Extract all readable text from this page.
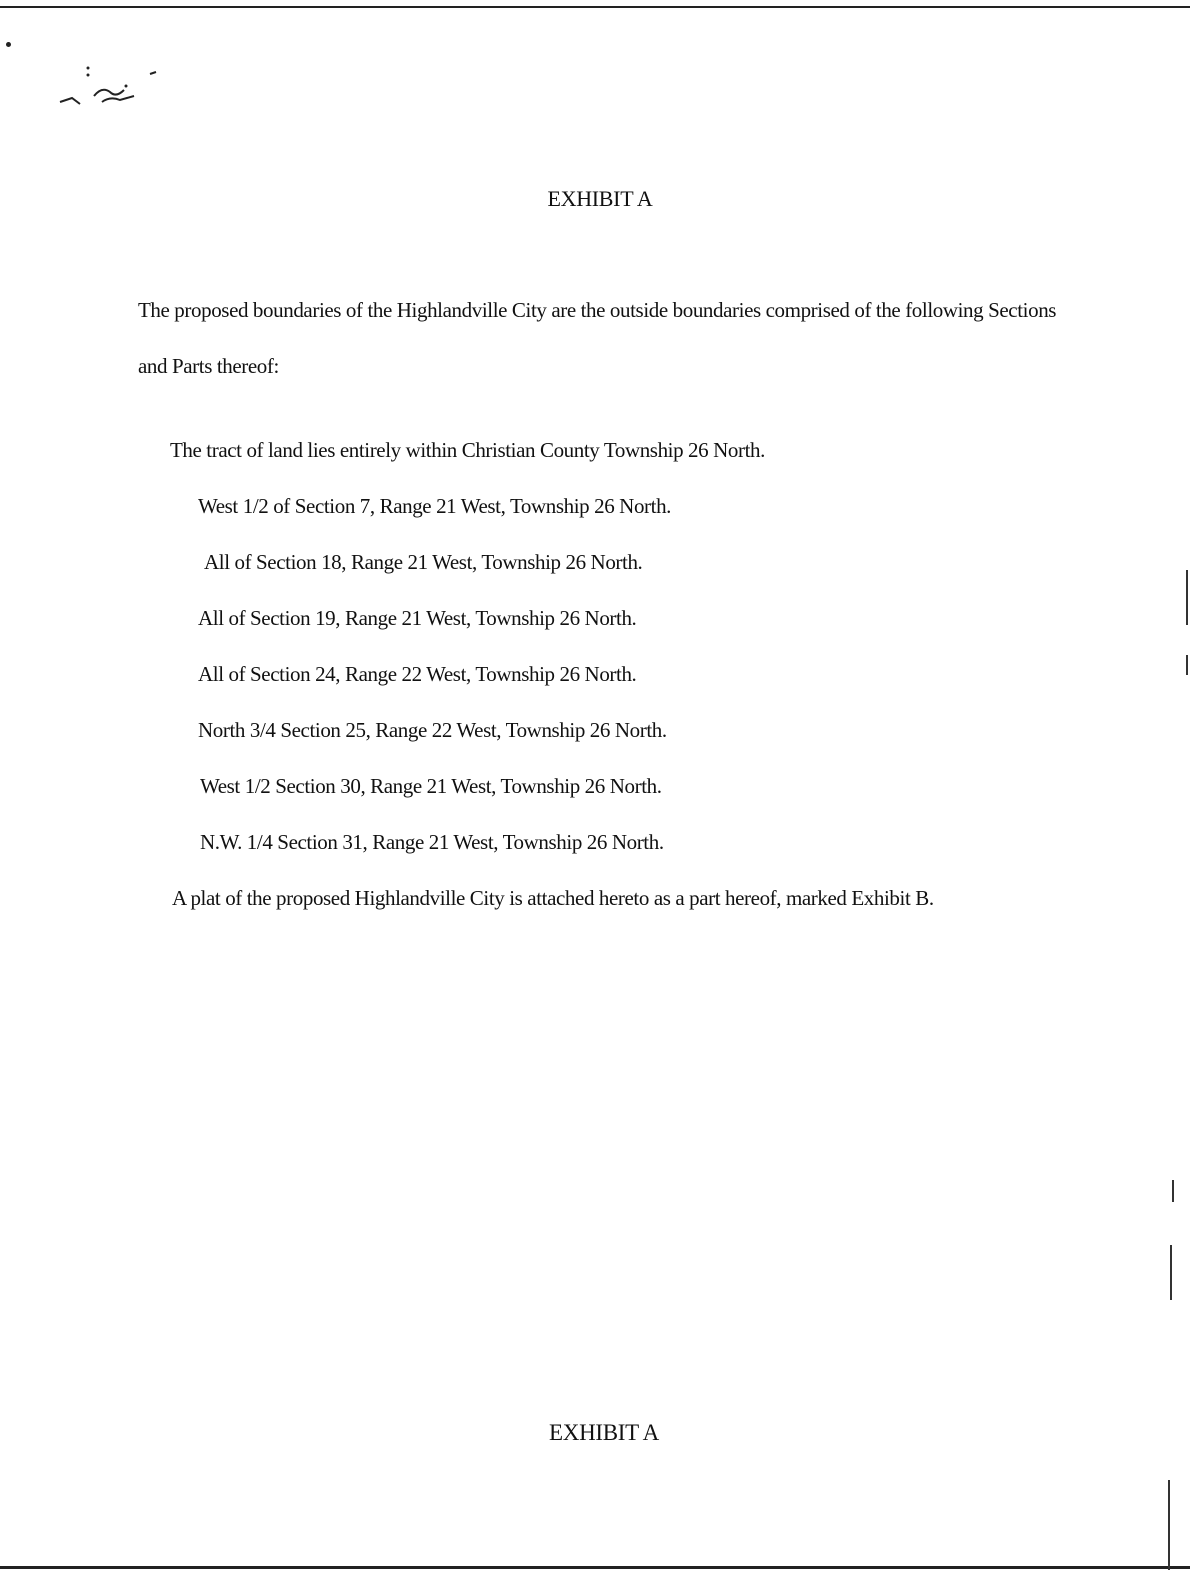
EXHIBIT A
The proposed boundaries of the Highlandville City are the outside boundaries comprised of the following Sections and Parts thereof:
The tract of land lies entirely within Christian County Township 26 North.
West 1/2 of Section 7, Range 21 West, Township 26 North.
All of Section 18, Range 21 West, Township 26 North.
All of Section 19, Range 21 West, Township 26 North.
All of Section 24, Range 22 West, Township 26 North.
North 3/4 Section 25, Range 22 West, Township 26 North.
West 1/2 Section 30, Range 21 West, Township 26 North.
N.W. 1/4 Section 31, Range 21 West, Township 26 North.
A plat of the proposed Highlandville City is attached hereto as a part hereof, marked Exhibit B.
EXHIBIT A
